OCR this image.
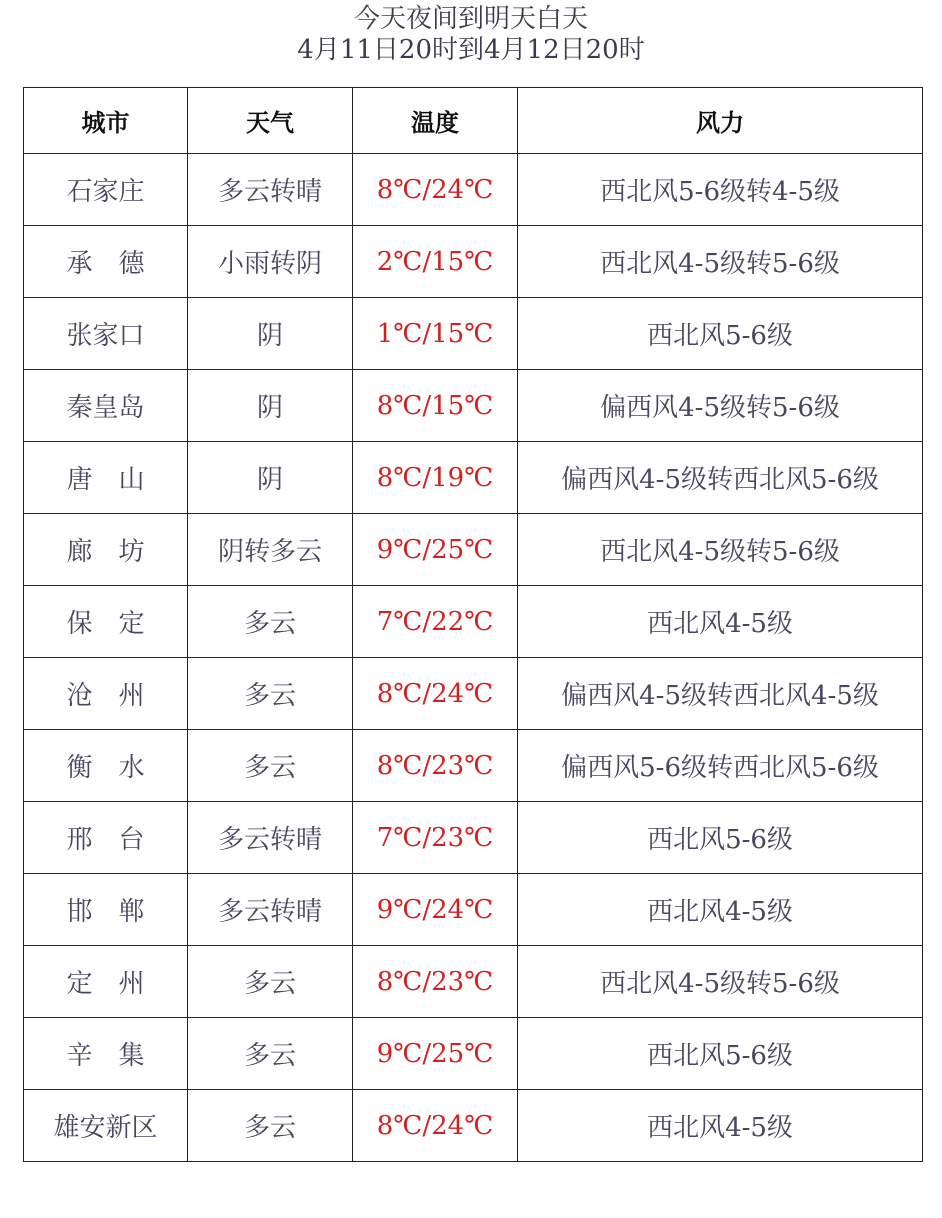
今天夜间到明天白天
4月11日20时到4月12日20时
城市	天气	温度	风力
石家庄	多云转晴	8℃/24℃	西北风5-6级转4-5级
承　德	小雨转阴	2℃/15℃	西北风4-5级转5-6级
张家口	阴	1℃/15℃	西北风5-6级
秦皇岛	阴	8℃/15℃	偏西风4-5级转5-6级
唐　山	阴	8℃/19℃	偏西风4-5级转西北风5-6级
廊　坊	阴转多云	9℃/25℃	西北风4-5级转5-6级
保　定	多云	7℃/22℃	西北风4-5级
沧　州	多云	8℃/24℃	偏西风4-5级转西北风4-5级
衡　水	多云	8℃/23℃	偏西风5-6级转西北风5-6级
邢　台	多云转晴	7℃/23℃	西北风5-6级
邯　郸	多云转晴	9℃/24℃	西北风4-5级
定　州	多云	8℃/23℃	西北风4-5级转5-6级
辛　集	多云	9℃/25℃	西北风5-6级
雄安新区	多云	8℃/24℃	西北风4-5级
